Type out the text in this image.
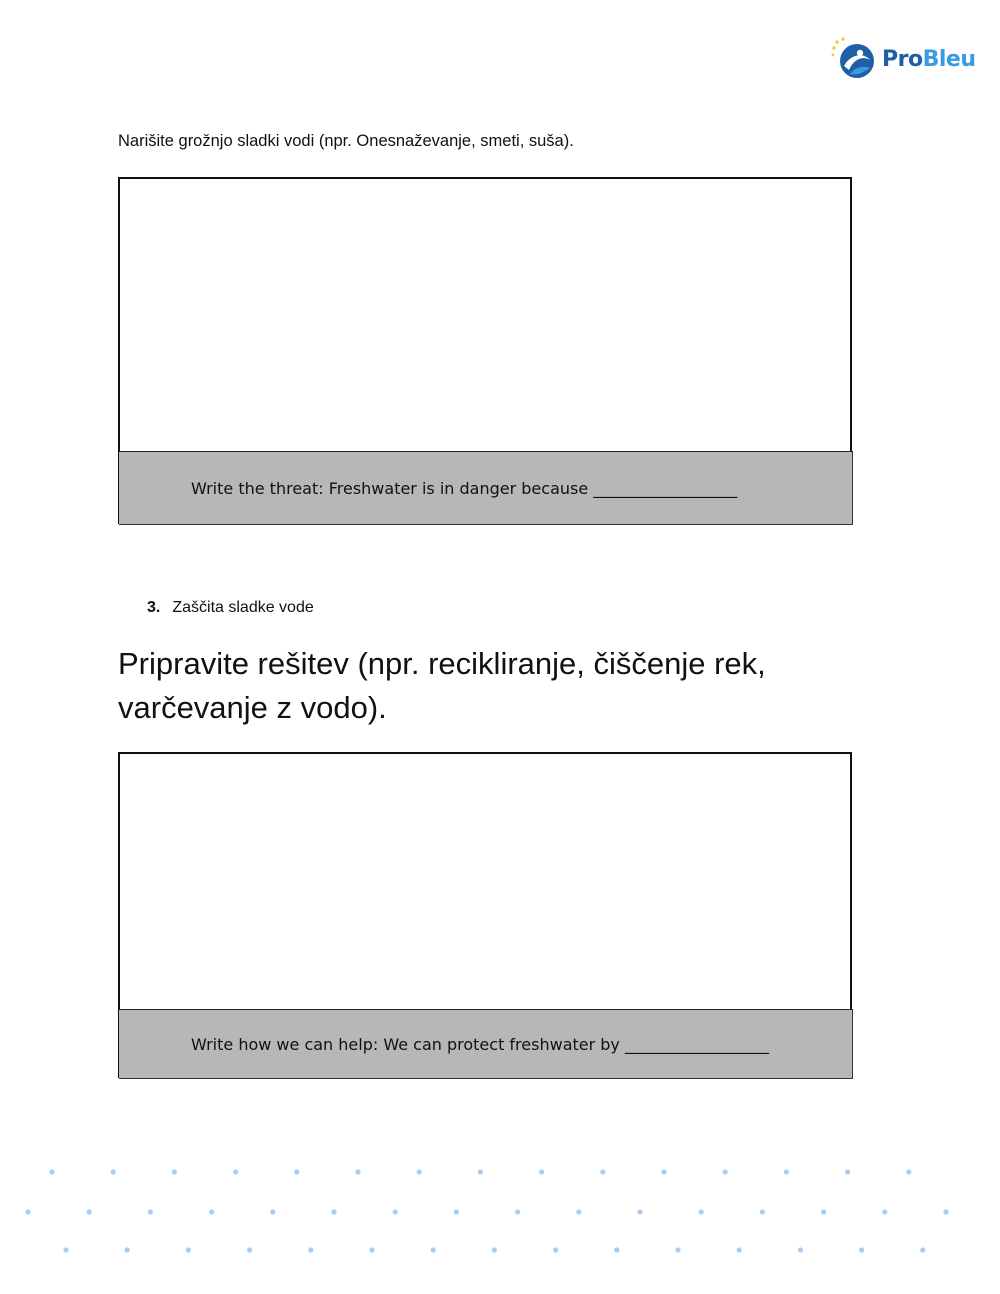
ProBleu
Narišite grožnjo sladki vodi (npr. Onesnaževanje, smeti, suša).
Write the threat: Freshwater is in danger because __________________
3. Zaščita sladke vode
Pripravite rešitev (npr. recikliranje, čiščenje rek, varčevanje z vodo).
Write how we can help: We can protect freshwater by __________________
